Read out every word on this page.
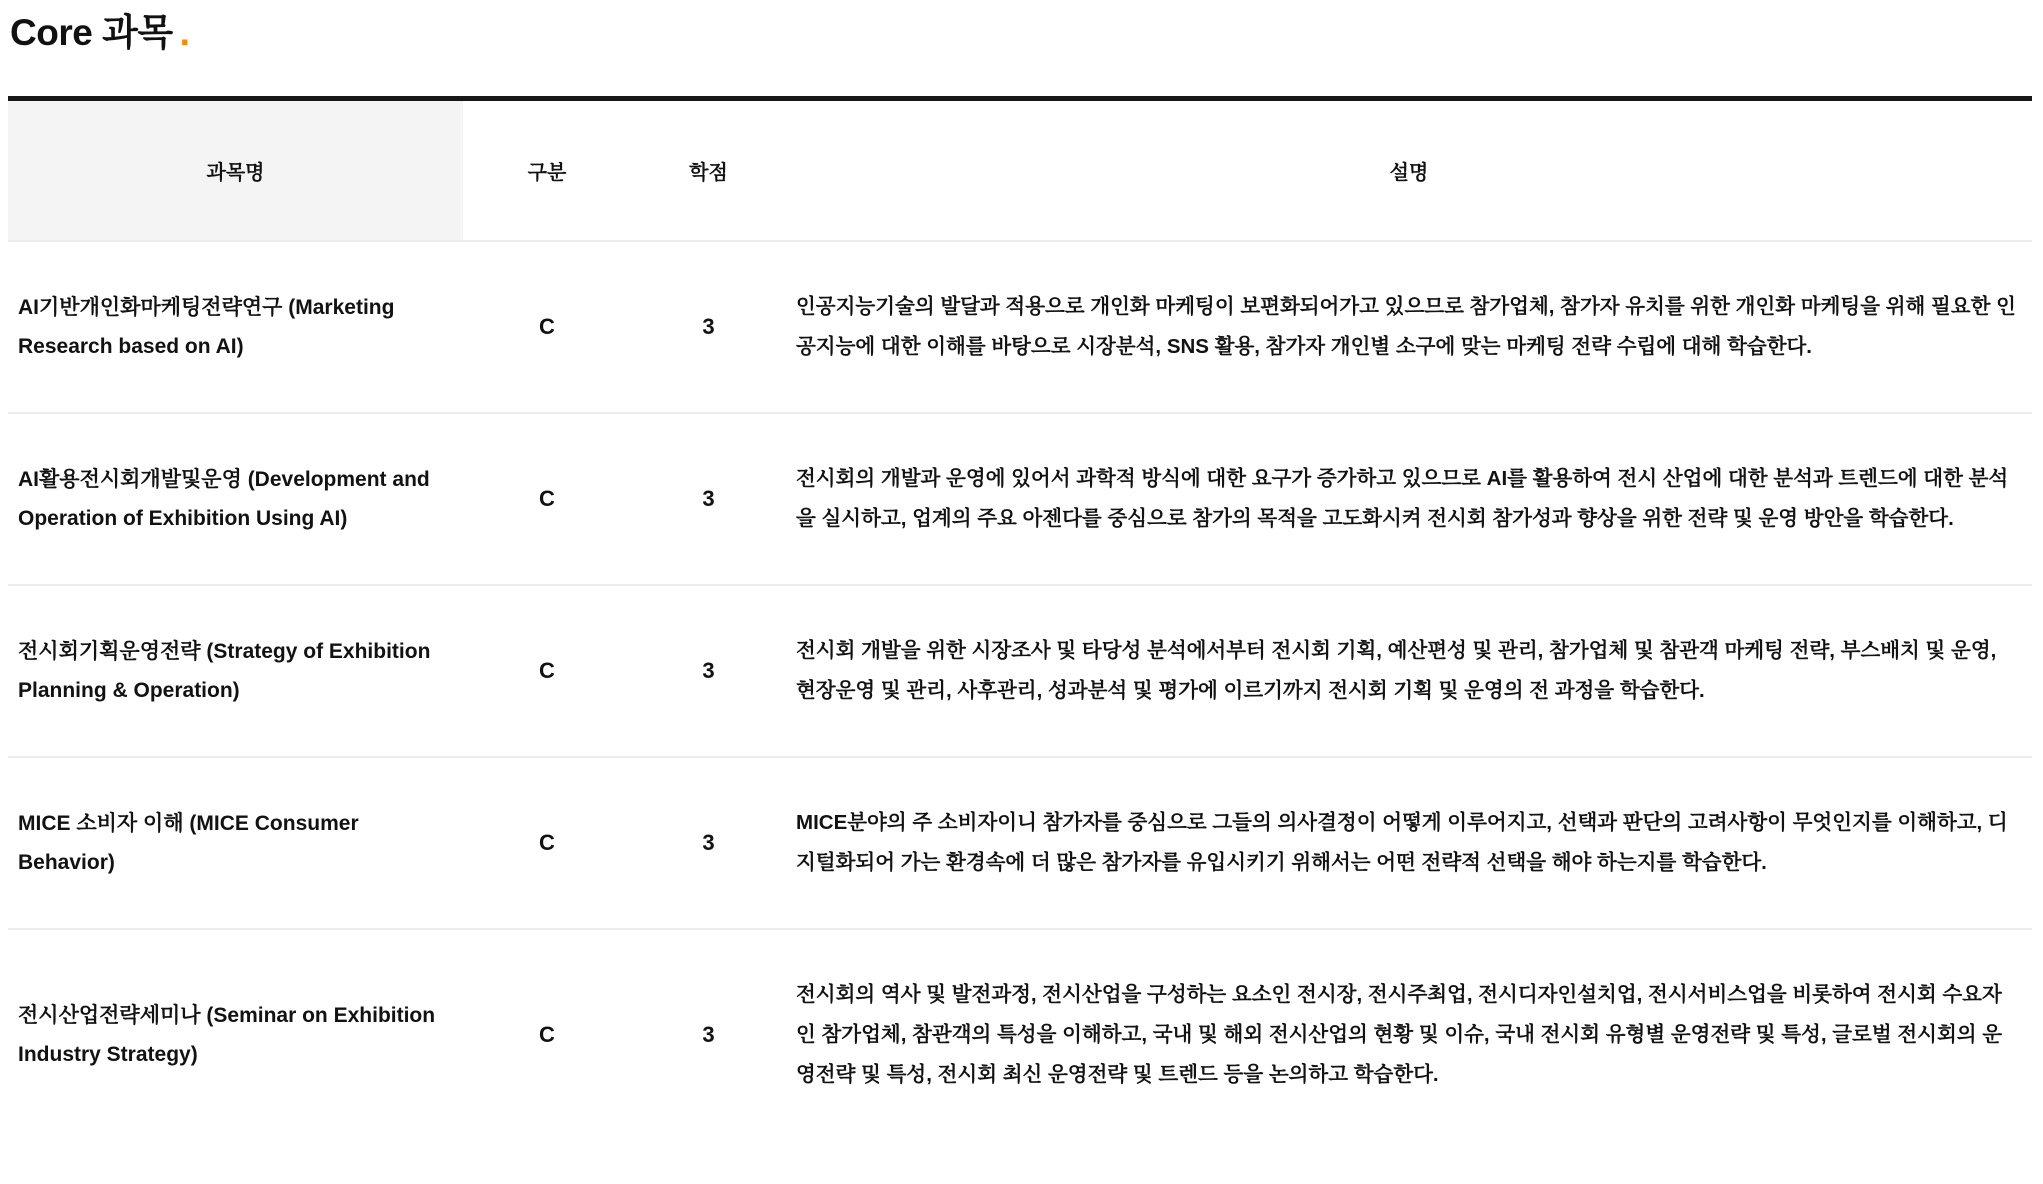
Core 과목 .
과목명	구분	학점	설명
AI기반개인화마케팅전략연구 (Marketing Research based on AI)	C	3	인공지능기술의 발달과 적용으로 개인화 마케팅이 보편화되어가고 있으므로 참가업체, 참가자 유치를 위한 개인화 마케팅을 위해 필요한 인공지능에 대한 이해를 바탕으로 시장분석, SNS 활용, 참가자 개인별 소구에 맞는 마케팅 전략 수립에 대해 학습한다.
AI활용전시회개발및운영 (Development and Operation of Exhibition Using AI)	C	3	전시회의 개발과 운영에 있어서 과학적 방식에 대한 요구가 증가하고 있으므로 AI를 활용하여 전시 산업에 대한 분석과 트렌드에 대한 분석을 실시하고, 업계의 주요 아젠다를 중심으로 참가의 목적을 고도화시켜 전시회 참가성과 향상을 위한 전략 및 운영 방안을 학습한다.
전시회기획운영전략 (Strategy of Exhibition Planning & Operation)	C	3	전시회 개발을 위한 시장조사 및 타당성 분석에서부터 전시회 기획, 예산편성 및 관리, 참가업체 및 참관객 마케팅 전략, 부스배치 및 운영, 현장운영 및 관리, 사후관리, 성과분석 및 평가에 이르기까지 전시회 기획 및 운영의 전 과정을 학습한다.
MICE 소비자 이해 (MICE Consumer Behavior)	C	3	MICE분야의 주 소비자이니 참가자를 중심으로 그들의 의사결정이 어떻게 이루어지고, 선택과 판단의 고려사항이 무엇인지를 이해하고, 디지털화되어 가는 환경속에 더 많은 참가자를 유입시키기 위해서는 어떤 전략적 선택을 해야 하는지를 학습한다.
전시산업전략세미나 (Seminar on Exhibition Industry Strategy)	C	3	전시회의 역사 및 발전과정, 전시산업을 구성하는 요소인 전시장, 전시주최업, 전시디자인설치업, 전시서비스업을 비롯하여 전시회 수요자인 참가업체, 참관객의 특성을 이해하고, 국내 및 해외 전시산업의 현황 및 이슈, 국내 전시회 유형별 운영전략 및 특성, 글로벌 전시회의 운영전략 및 특성, 전시회 최신 운영전략 및 트렌드 등을 논의하고 학습한다.
